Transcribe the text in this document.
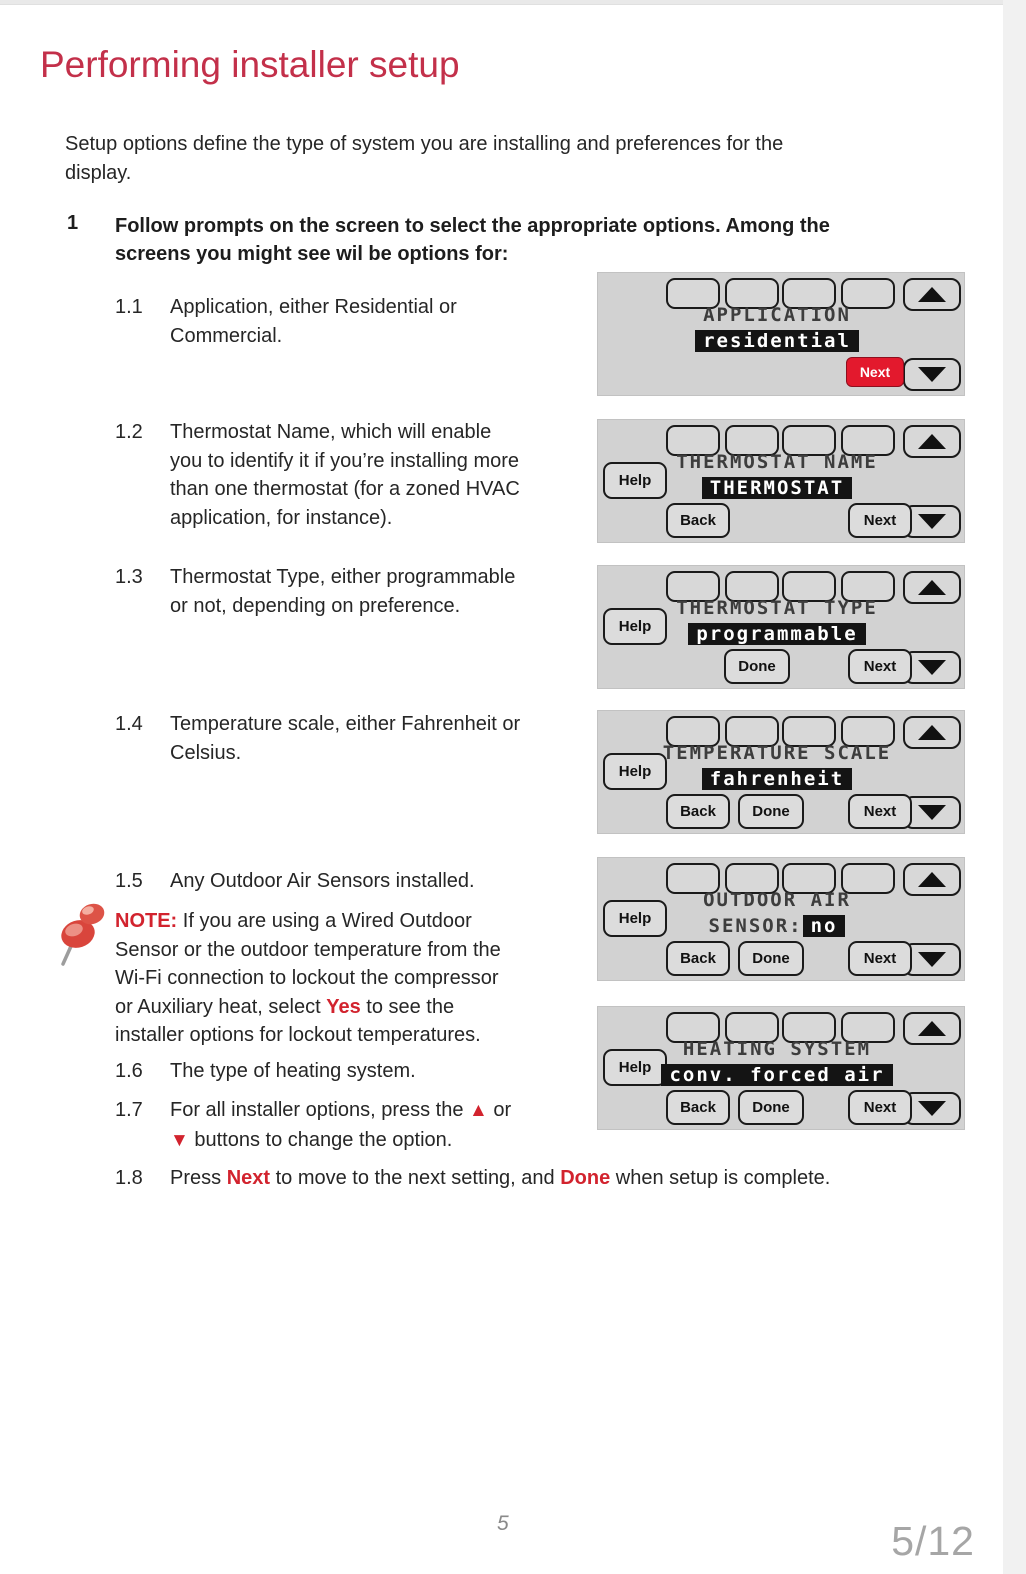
Performing installer setup

Setup options define the type of system you are installing and preferences for the
display.

1 Follow prompts on the screen to select the appropriate options. Among the
screens you might see wil be options for:
1.1	Application, either Residential or
Commercial.
1.2	Thermostat Name, which will enable
you to identify it if you’re installing more
than one thermostat (for a zoned HVAC
application, for instance).
1.3	Thermostat Type, either programmable
or not, depending on preference.
1.4	Temperature scale, either Fahrenheit or
Celsius.
1.5	Any Outdoor Air Sensors installed.
NOTE: If you are using a Wired Outdoor
Sensor or the outdoor temperature from the
Wi-Fi connection to lockout the compressor
or Auxiliary heat, select Yes to see the
installer options for lockout temperatures.
1.6	The type of heating system.
1.7	For all installer options, press the ▲ or
▼ buttons to change the option.
1.8	Press Next to move to the next setting, and Done when setup is complete.
APPLICATION
residential
Next
Help
THERMOSTAT NAME
THERMOSTAT
Back	Next
Help
THERMOSTAT TYPE
programmable
Done	Next
Help
TEMPERATURE SCALE
fahrenheit
Back	Done	Next
Help
OUTDOOR AIR
SENSOR: no
Back	Done	Next
Help
HEATING SYSTEM
conv. forced air
Back	Done	Next
5	5/12
